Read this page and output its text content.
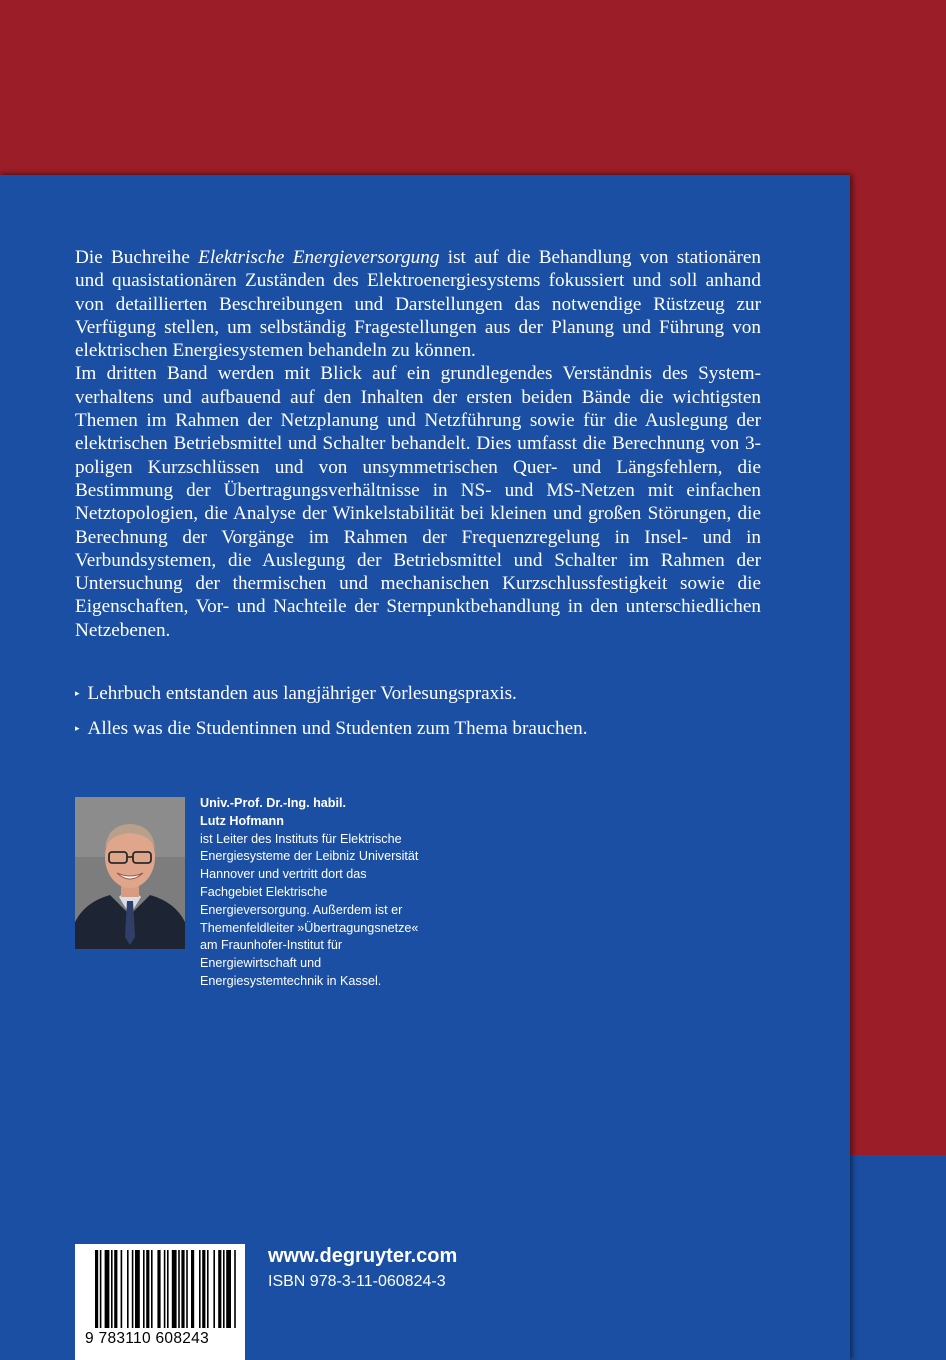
Die Buchreihe Elektrische Energieversorgung ist auf die Behandlung von stationären und quasistationären Zuständen des Elektroenergiesystems fokussiert und soll anhand von detaillierten Beschreibungen und Darstellungen das notwendige Rüstzeug zur Verfügung stellen, um selbständig Fragestellungen aus der Planung und Führung von elektrischen Energiesystemen behandeln zu können.

Im dritten Band werden mit Blick auf ein grundlegendes Verständnis des Systemverhaltens und aufbauend auf den Inhalten der ersten beiden Bände die wichtigsten Themen im Rahmen der Netzplanung und Netzführung sowie für die Auslegung der elektrischen Betriebsmittel und Schalter behandelt. Dies umfasst die Berechnung von 3-poligen Kurzschlüssen und von unsymmetrischen Quer- und Längsfehlern, die Bestimmung der Übertragungsverhältnisse in NS- und MS-Netzen mit einfachen Netztopologien, die Analyse der Winkelstabilität bei kleinen und großen Störungen, die Berechnung der Vorgänge im Rahmen der Frequenzregelung in Insel- und in Verbundsystemen, die Auslegung der Betriebsmittel und Schalter im Rahmen der Untersuchung der thermischen und mechanischen Kurzschlussfestigkeit sowie die Eigenschaften, Vor- und Nachteile der Sternpunktbehandlung in den unterschiedlichen Netzebenen.

▸ Lehrbuch entstanden aus langjähriger Vorlesungspraxis.
▸ Alles was die Studentinnen und Studenten zum Thema brauchen.
Univ.-Prof. Dr.-Ing. habil.
Lutz Hofmann
ist Leiter des Instituts für Elektrische Energiesysteme der Leibniz Universität Hannover und vertritt dort das Fachgebiet Elektrische Energieversorgung. Außerdem ist er Themenfeldleiter »Übertragungsnetze« am Fraunhofer-Institut für Energiewirtschaft und Energiesystemtechnik in Kassel.
9 783110 608243
www.degruyter.com
ISBN 978-3-11-060824-3
